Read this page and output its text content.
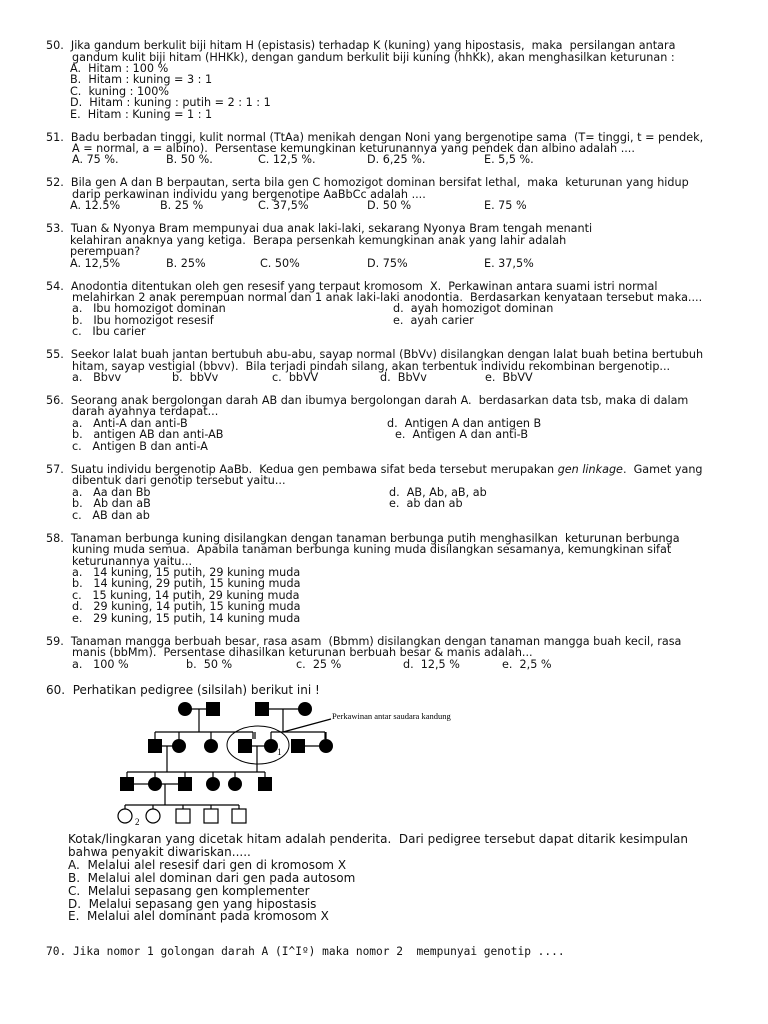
50.  Jika gandum berkulit biji hitam H (epistasis) terhadap K (kuning) yang hipostasis,  maka  persilangan antara
gandum kulit biji hitam (HHKk), dengan gandum berkulit biji kuning (hhKk), akan menghasilkan keturunan :
A.  Hitam : 100 %
B.  Hitam : kuning = 3 : 1
C.  kuning : 100%
D.  Hitam : kuning : putih = 2 : 1 : 1
E.  Hitam : Kuning = 1 : 1
51.  Badu berbadan tinggi, kulit normal (TtAa) menikah dengan Noni yang bergenotipe sama  (T= tinggi, t = pendek,
A = normal, a = albino).  Persentase kemungkinan keturunannya yang pendek dan albino adalah ....
A. 75 %.	B. 50 %.	C. 12,5 %.	D. 6,25 %.	E. 5,5 %.
52.  Bila gen A dan B berpautan, serta bila gen C homozigot dominan bersifat lethal,  maka  keturunan yang hidup
darip perkawinan individu yang bergenotipe AaBbCc adalah ....
A. 12.5%	B. 25 %	C. 37,5%	D. 50 %	E. 75 %
53.  Tuan & Nyonya Bram mempunyai dua anak laki-laki, sekarang Nyonya Bram tengah menanti
kelahiran anaknya yang ketiga.  Berapa persenkah kemungkinan anak yang lahir adalah
perempuan?
A. 12,5%	B. 25%	C. 50%	D. 75%	E. 37,5%
54.  Anodontia ditentukan oleh gen resesif yang terpaut kromosom  X.  Perkawinan antara suami istri normal
melahirkan 2 anak perempuan normal dan 1 anak laki-laki anodontia.  Berdasarkan kenyataan tersebut maka....
a.   Ibu homozigot dominan
b.   Ibu homozigot resesif
c.   Ibu carier
d.  ayah homozigot dominan
e.  ayah carier
55.  Seekor lalat buah jantan bertubuh abu-abu, sayap normal (BbVv) disilangkan dengan lalat buah betina bertubuh
hitam, sayap vestigial (bbvv).  Bila terjadi pindah silang, akan terbentuk individu rekombinan bergenotip...
a.   Bbvv	b.  bbVv	c.  bbVV	d.  BbVv	e.  BbVV
56.  Seorang anak bergolongan darah AB dan ibumya bergolongan darah A.  berdasarkan data tsb, maka di dalam
darah ayahnya terdapat...
a.   Anti-A dan anti-B
b.   antigen AB dan anti-AB
c.   Antigen B dan anti-A
d.  Antigen A dan antigen B
e.  Antigen A dan anti-B
57.  Suatu individu bergenotip AaBb.  Kedua gen pembawa sifat beda tersebut merupakan gen linkage.  Gamet yang
dibentuk dari genotip tersebut yaitu...
a.   Aa dan Bb
b.   Ab dan aB
c.   AB dan ab
d.  AB, Ab, aB, ab
e.  ab dan ab
58.  Tanaman berbunga kuning disilangkan dengan tanaman berbunga putih menghasilkan  keturunan berbunga
kuning muda semua.  Apabila tanaman berbunga kuning muda disilangkan sesamanya, kemungkinan sifat
keturunannya yaitu...
a.   14 kuning, 15 putih, 29 kuning muda
b.   14 kuning, 29 putih, 15 kuning muda
c.   15 kuning, 14 putih, 29 kuning muda
d.   29 kuning, 14 putih, 15 kuning muda
e.   29 kuning, 15 putih, 14 kuning muda
59.  Tanaman mangga berbuah besar, rasa asam  (Bbmm) disilangkan dengan tanaman mangga buah kecil, rasa
manis (bbMm).  Persentase dihasilkan keturunan berbuah besar & manis adalah...
a.   100 %	b.  50 %	c.  25 %	d.  12,5 %	e.  2,5 %
60.  Perhatikan pedigree (silsilah) berikut ini !
2
1
Perkawinan antar saudara kandung
Kotak/lingkaran yang dicetak hitam adalah penderita.  Dari pedigree tersebut dapat ditarik kesimpulan
bahwa penyakit diwariskan.....
A.  Melalui alel resesif dari gen di kromosom X
B.  Melalui alel dominan dari gen pada autosom
C.  Melalui sepasang gen komplementer
D.  Melalui sepasang gen yang hipostasis
E.  Melalui alel dominant pada kromosom X
70. Jika nomor 1 golongan darah A (I^Iº) maka nomor 2  mempunyai genotip ....
